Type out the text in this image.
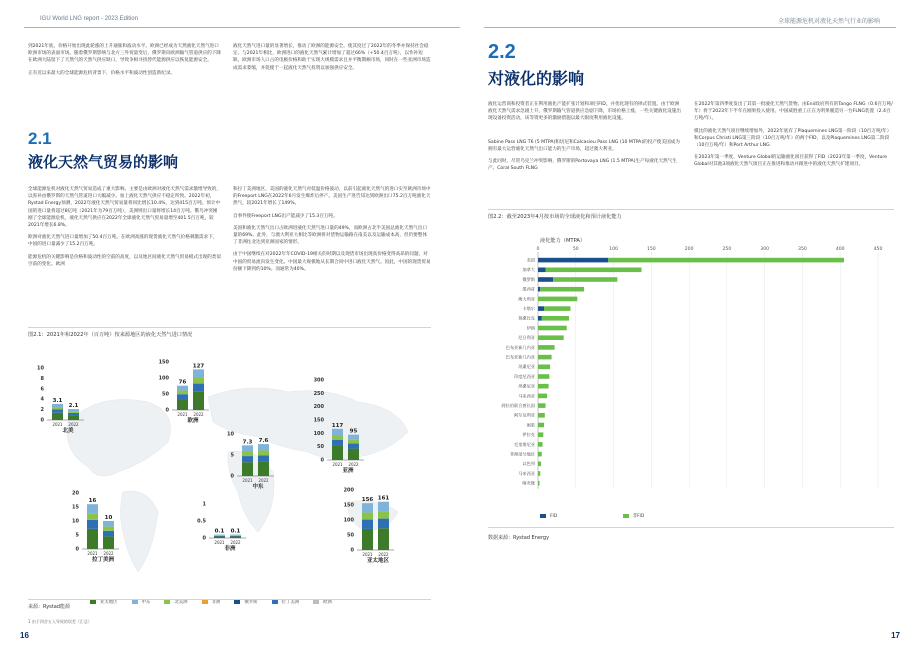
IGU World LNG report - 2023 Edition	全球能源危机对液化天然气行业的影响

到2021年底，价格开始出现此轮涨的上升通胀和波动水平。欧洲已经成为天然液化天然气进口欧洲市场的表面市场。随着俄罗斯影响与北方三外贸量变后，俄罗斯向欧洲输气管道供应的下降在欧洲大陆留下了天然气的天然气供应缺口，导致争相寻找替代能源供应以恢复能源安全。

正有近以来最大的全球能源危机背景下，价格水平和波动性创造新纪录。

液化天然气进口量的显著增长，推动了欧洲的能源安全。使其度过了2022年的冬季并保持社会稳定。与2021年相比，欧洲进口的液化天然气累计增加了超过66%（+50.4百万吨），以作补短缺。欧洲市场人口占的电极价格和助于实现大规模需求且并平衡期额市场，同时在一些亚洲市场造成需求萎缩，并促使于一起液化天然气投资以加强供应安全。

2.1
液化天然气贸易的影响

全球能源危机对液化天然气贸易造成了重大影响。主要是由欧洲对液化天然气需求激增导致的，以弥补由俄罗斯的天然气管道进口大幅减少。加上液化天然气供应不稳定所致。2022年初，Rystad Energy预测，2022年液化天然气贸易量将同比增长10.4%，达到415百万吨。预计中国的进口量将超过8亿吨（2021年为79百万吨），美洲则出口量将增长14百万吨。俄乌冲突刚刚了全球能源危机，液化天然气供应在2022年全球液化天然气贸易量增至401.5百万吨，较2021年增长6.8%。

欧洲对液化天然气进口量增加了50.4百万吨。在欧洲高涨的现货液化天然气价格刺激需求下，中国的进口量减少了15.2百万吨。

能源危机的关键影响是价格和波动性的空前的高度，以及地区间液化天然气贸易模式出现的类似空前的变化。欧洲

和拉丁美洲地区。美国的液化天然气对低温价格波动，以前引起液化天然气的进口实至欧洲市场中的Freeport LNG在2022年6月发生爆炸后停产。美国生产进告知达到欧洲出口75.2百万吨液化天然气，较2021年增长了149%。

自事件使Freeport LNG出产能减少了15.3百万吨。

美国和液化天然气出口占欧洲进液化天然气进口量的49%，而欧洲占北半美国总液化天然气出口量的69%。此外，与澳大利亚大相比等欧洲将对货物运输路在南美以及运输成本高，但仍要整体了非洲往北达到亚洲国家的情形。

由于中国继续在对2022年年COVID-19相关的时期以及现货市场出现高价格变得高昂的问题，对中国的贸易流向发生变化。中国最大规模地从长期合同中进口液化天然气。因此，中国的现货贸易份额下降到约10%。而通常为40%。

图2.1：2021年和2022年（百万吨）按来源地区的液化天然气进口情况
10
8
6
4
2
0
3.1
2021
2.1
2022
北美
150
100
50
0
76
2021
127
2022
欧洲
10
5
0
7.3
2021
7.6
2022
中东
300
250
200
150
100
50
0
117
2021
95
2022
亚洲
20
15
10
5
0
16
2021
10
2022
拉丁美洲
1
0.5
0
0.1
2021
0.1
2022
非洲
200
150
100
50
0
156
2021
161
2022
亚太地区
亚太地区	中东	北美洲	非洲	俄罗斯	拉丁美洲	欧洲
来源：Rystad能源
1 由于四舍五入导致的误差（汇总）
16
2.2
对液化的影响

液化运营商和投资者正在利用液化产能扩张计划和项目FID。并优化现有的择式装置。由于欧洲液化天然气需求急剧上升，俄罗斯输气管道供应急剧下降，市场价格上涨，一些关键液化设施出现设备投资活动，该等资更多的激励措施以最大限度利用液化设施。

Sabine Pass LNG T6 (5 MTPA)和切尼和Calcasieu Pass LNG (10 MTPA)的投产使美国成为拥有最大运营液化天然气出口能力的生产市场，超过澳大利亚。

与此同时，尽管乌克兰冲突影响，俄罗斯的Portovaya LNG (1.5 MTPA)生产每液化天然气生产。Coral South FLNG

在2022年第四季度发出了其第一批液化天然气货物。由Eni/政府所有的Tango FLNG（0.6百万吨/年）将于2023年下半年在刚果投入使用。中国威胜重工正在为明果履造另一台FLNG装置（2.4百万吨/年）。

模比的液化天然气项目继续增加外，2022年底有了Plaquemines LNG第一阶段（10百万吨/年）和Corpus Christi LNG第三阶段（10百万吨/年）的两个FID，以及Plaquemines LNG第二阶段（10百万吨/年）和Port Arthur LNG

在2023年第一季度，Venture Global的运输液化项目获得了FID（2023年第一季度，Venture Global对其他3项液化天然气项目正在推进和推动并跟进中的液化天然气扩建项目。

图2.2：截至2023年4月按市场的全球液化和预计液化能力
液化能力（MTPA）
0	50	100	150	200	250	300	350	400	450
美国
加拿大
俄罗斯
墨西哥
澳大利亚
卡塔尔
莫桑比克
伊朗
尼日利亚
巴布亚新几内亚
巴布亚新几内亚
坦桑尼亚
印度尼西亚
坦桑尼亚
马来西亚
阿拉伯联合酋长国
阿尔及利亚
刚果
伊拉克
毛里塔尼亚
非洲部分地区
以色列
马来西亚
喀麦隆
FID
	非FID
数据来源：Rystad Energy
17
